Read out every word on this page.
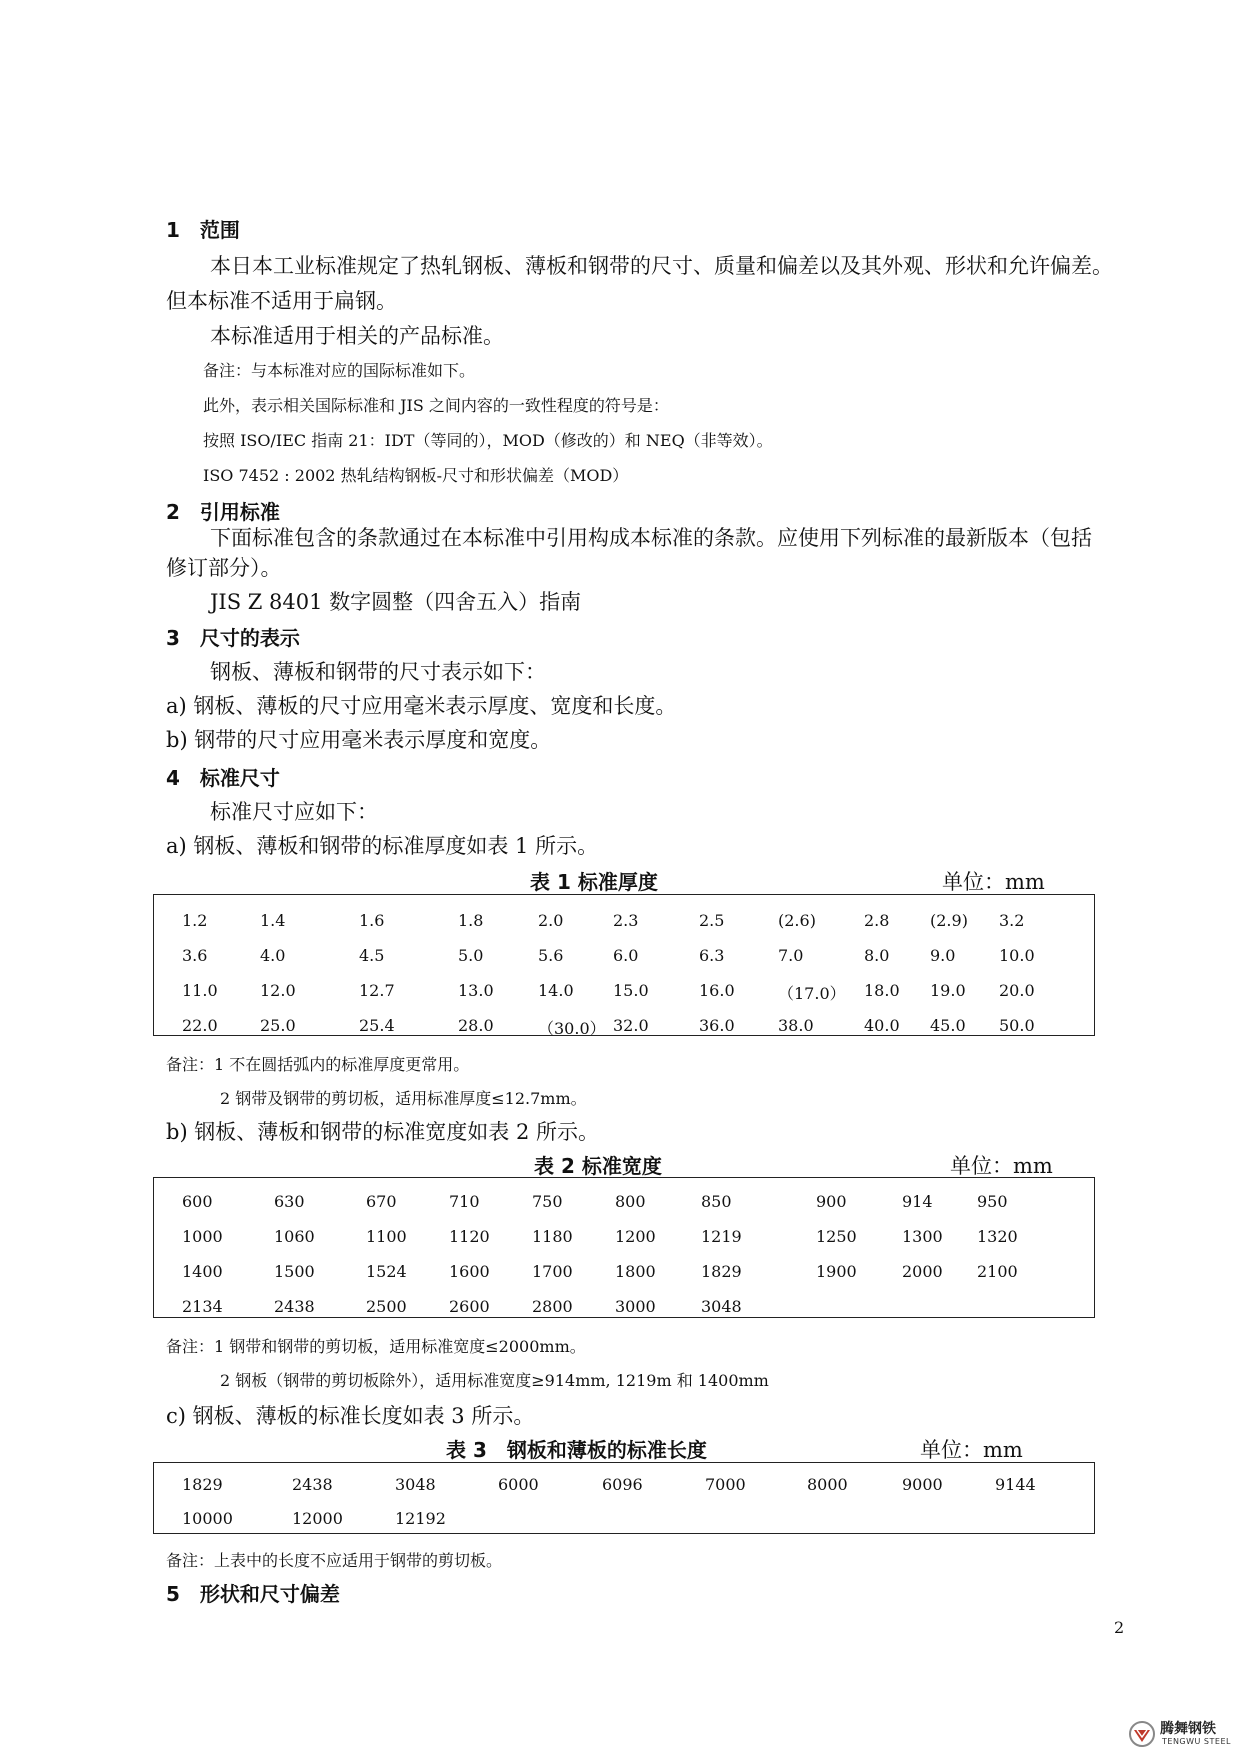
1　范围
本日本工业标准规定了热轧钢板、薄板和钢带的尺寸、质量和偏差以及其外观、形状和允许偏差。
但本标准不适用于扁钢。
本标准适用于相关的产品标准。
备注：与本标准对应的国际标准如下。
此外，表示相关国际标准和 JIS 之间内容的一致性程度的符号是：
按照 ISO/IEC 指南 21：IDT（等同的），MOD（修改的）和 NEQ（非等效）。
ISO 7452 : 2002 热轧结构钢板-尺寸和形状偏差（MOD）
2　引用标准
下面标准包含的条款通过在本标准中引用构成本标准的条款。应使用下列标准的最新版本（包括
修订部分）。
JIS Z 8401 数字圆整（四舍五入）指南
3　尺寸的表示
钢板、薄板和钢带的尺寸表示如下：
a) 钢板、薄板的尺寸应用毫米表示厚度、宽度和长度。
b) 钢带的尺寸应用毫米表示厚度和宽度。
4　标准尺寸
标准尺寸应如下：
a) 钢板、薄板和钢带的标准厚度如表 1 所示。
表 1 标准厚度	单位：mm
1.2	1.4	1.6	1.8	2.0	2.3	2.5	(2.6)	2.8	(2.9) 3.2
3.6	4.0	4.5	5.0	5.6	6.0	6.3	7.0	8.0	9.0	10.0
11.0	12.0	12.7	13.0	14.0 15.0	16.0	（17.0） 18.0 19.0 20.0
22.0	25.0	25.4	28.0	（30.0） 32.0	36.0	38.0	40.0 45.0 50.0
备注：1 不在圆括弧内的标准厚度更常用。
2 钢带及钢带的剪切板，适用标准厚度≤12.7mm。
b) 钢板、薄板和钢带的标准宽度如表 2 所示。
表 2 标准宽度	单位：mm
600	630	670	710	750	800	850	900	914	950
1000	1060	1100	1120	1180	1200	1219	1250	1300 1320
1400	1500	1524	1600	1700	1800	1829	1900	2000 2100
2134	2438	2500	2600	2800	3000	3048
备注：1 钢带和钢带的剪切板，适用标准宽度≤2000mm。
2 钢板（钢带的剪切板除外），适用标准宽度≥914mm, 1219m 和 1400mm
c) 钢板、薄板的标准长度如表 3 所示。
表 3　钢板和薄板的标准长度	单位：mm
1829	2438	3048	6000	6096	7000	8000	9000	9144
10000	12000	12192
备注：上表中的长度不应适用于钢带的剪切板。
5　形状和尺寸偏差
2
腾舞钢铁
TENGWU STEEL
